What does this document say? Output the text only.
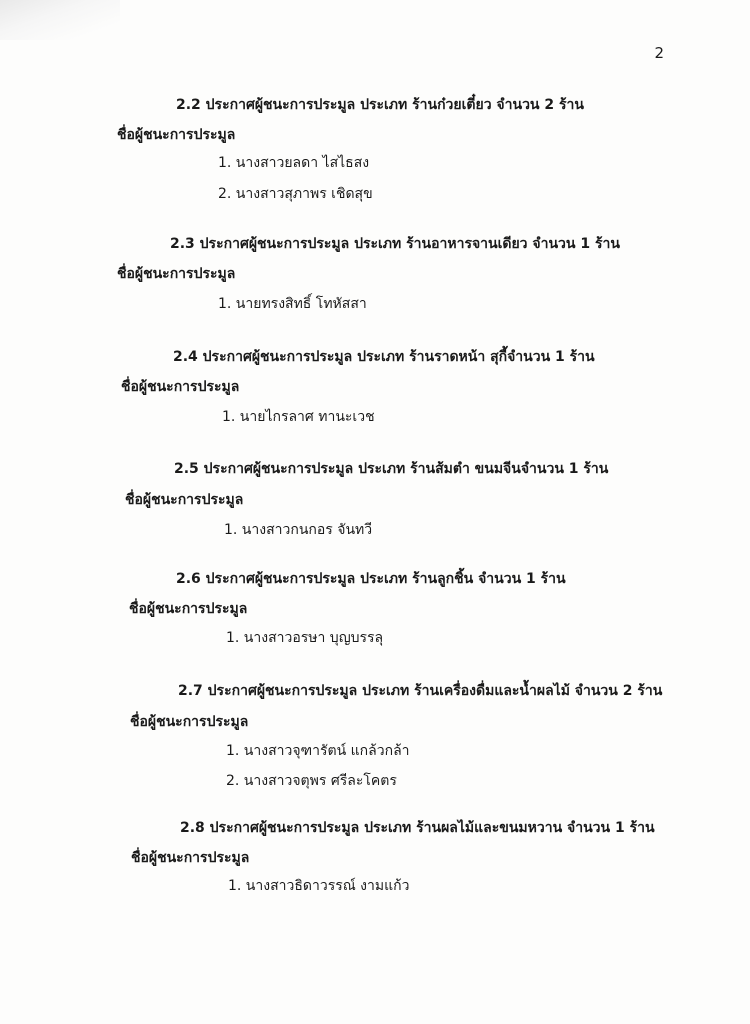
2
2.2 ประกาศผู้ชนะการประมูล ประเภท ร้านก๋วยเตี๋ยว จำนวน 2 ร้าน
ชื่อผู้ชนะการประมูล
1. นางสาวยลดา ไสไธสง
2. นางสาวสุภาพร เชิดสุข
2.3 ประกาศผู้ชนะการประมูล ประเภท ร้านอาหารจานเดียว จำนวน 1 ร้าน
ชื่อผู้ชนะการประมูล
1. นายทรงสิทธิ์ โทหัสสา
2.4 ประกาศผู้ชนะการประมูล ประเภท ร้านราดหน้า สุกี้จำนวน 1 ร้าน
ชื่อผู้ชนะการประมูล
1. นายไกรลาศ ทานะเวช
2.5 ประกาศผู้ชนะการประมูล ประเภท ร้านส้มตำ ขนมจีนจำนวน 1 ร้าน
ชื่อผู้ชนะการประมูล
1. นางสาวกนกอร จันทวี
2.6 ประกาศผู้ชนะการประมูล ประเภท ร้านลูกชิ้น จำนวน 1 ร้าน
ชื่อผู้ชนะการประมูล
1. นางสาวอรษา บุญบรรลุ
2.7 ประกาศผู้ชนะการประมูล ประเภท ร้านเครื่องดื่มและน้ำผลไม้ จำนวน 2 ร้าน
ชื่อผู้ชนะการประมูล
1. นางสาวจุฑารัตน์ แกล้วกล้า
2. นางสาวจตุพร ศรีละโคตร
2.8 ประกาศผู้ชนะการประมูล ประเภท ร้านผลไม้และขนมหวาน จำนวน 1 ร้าน
ชื่อผู้ชนะการประมูล
1. นางสาวธิดาวรรณ์ งามแก้ว
